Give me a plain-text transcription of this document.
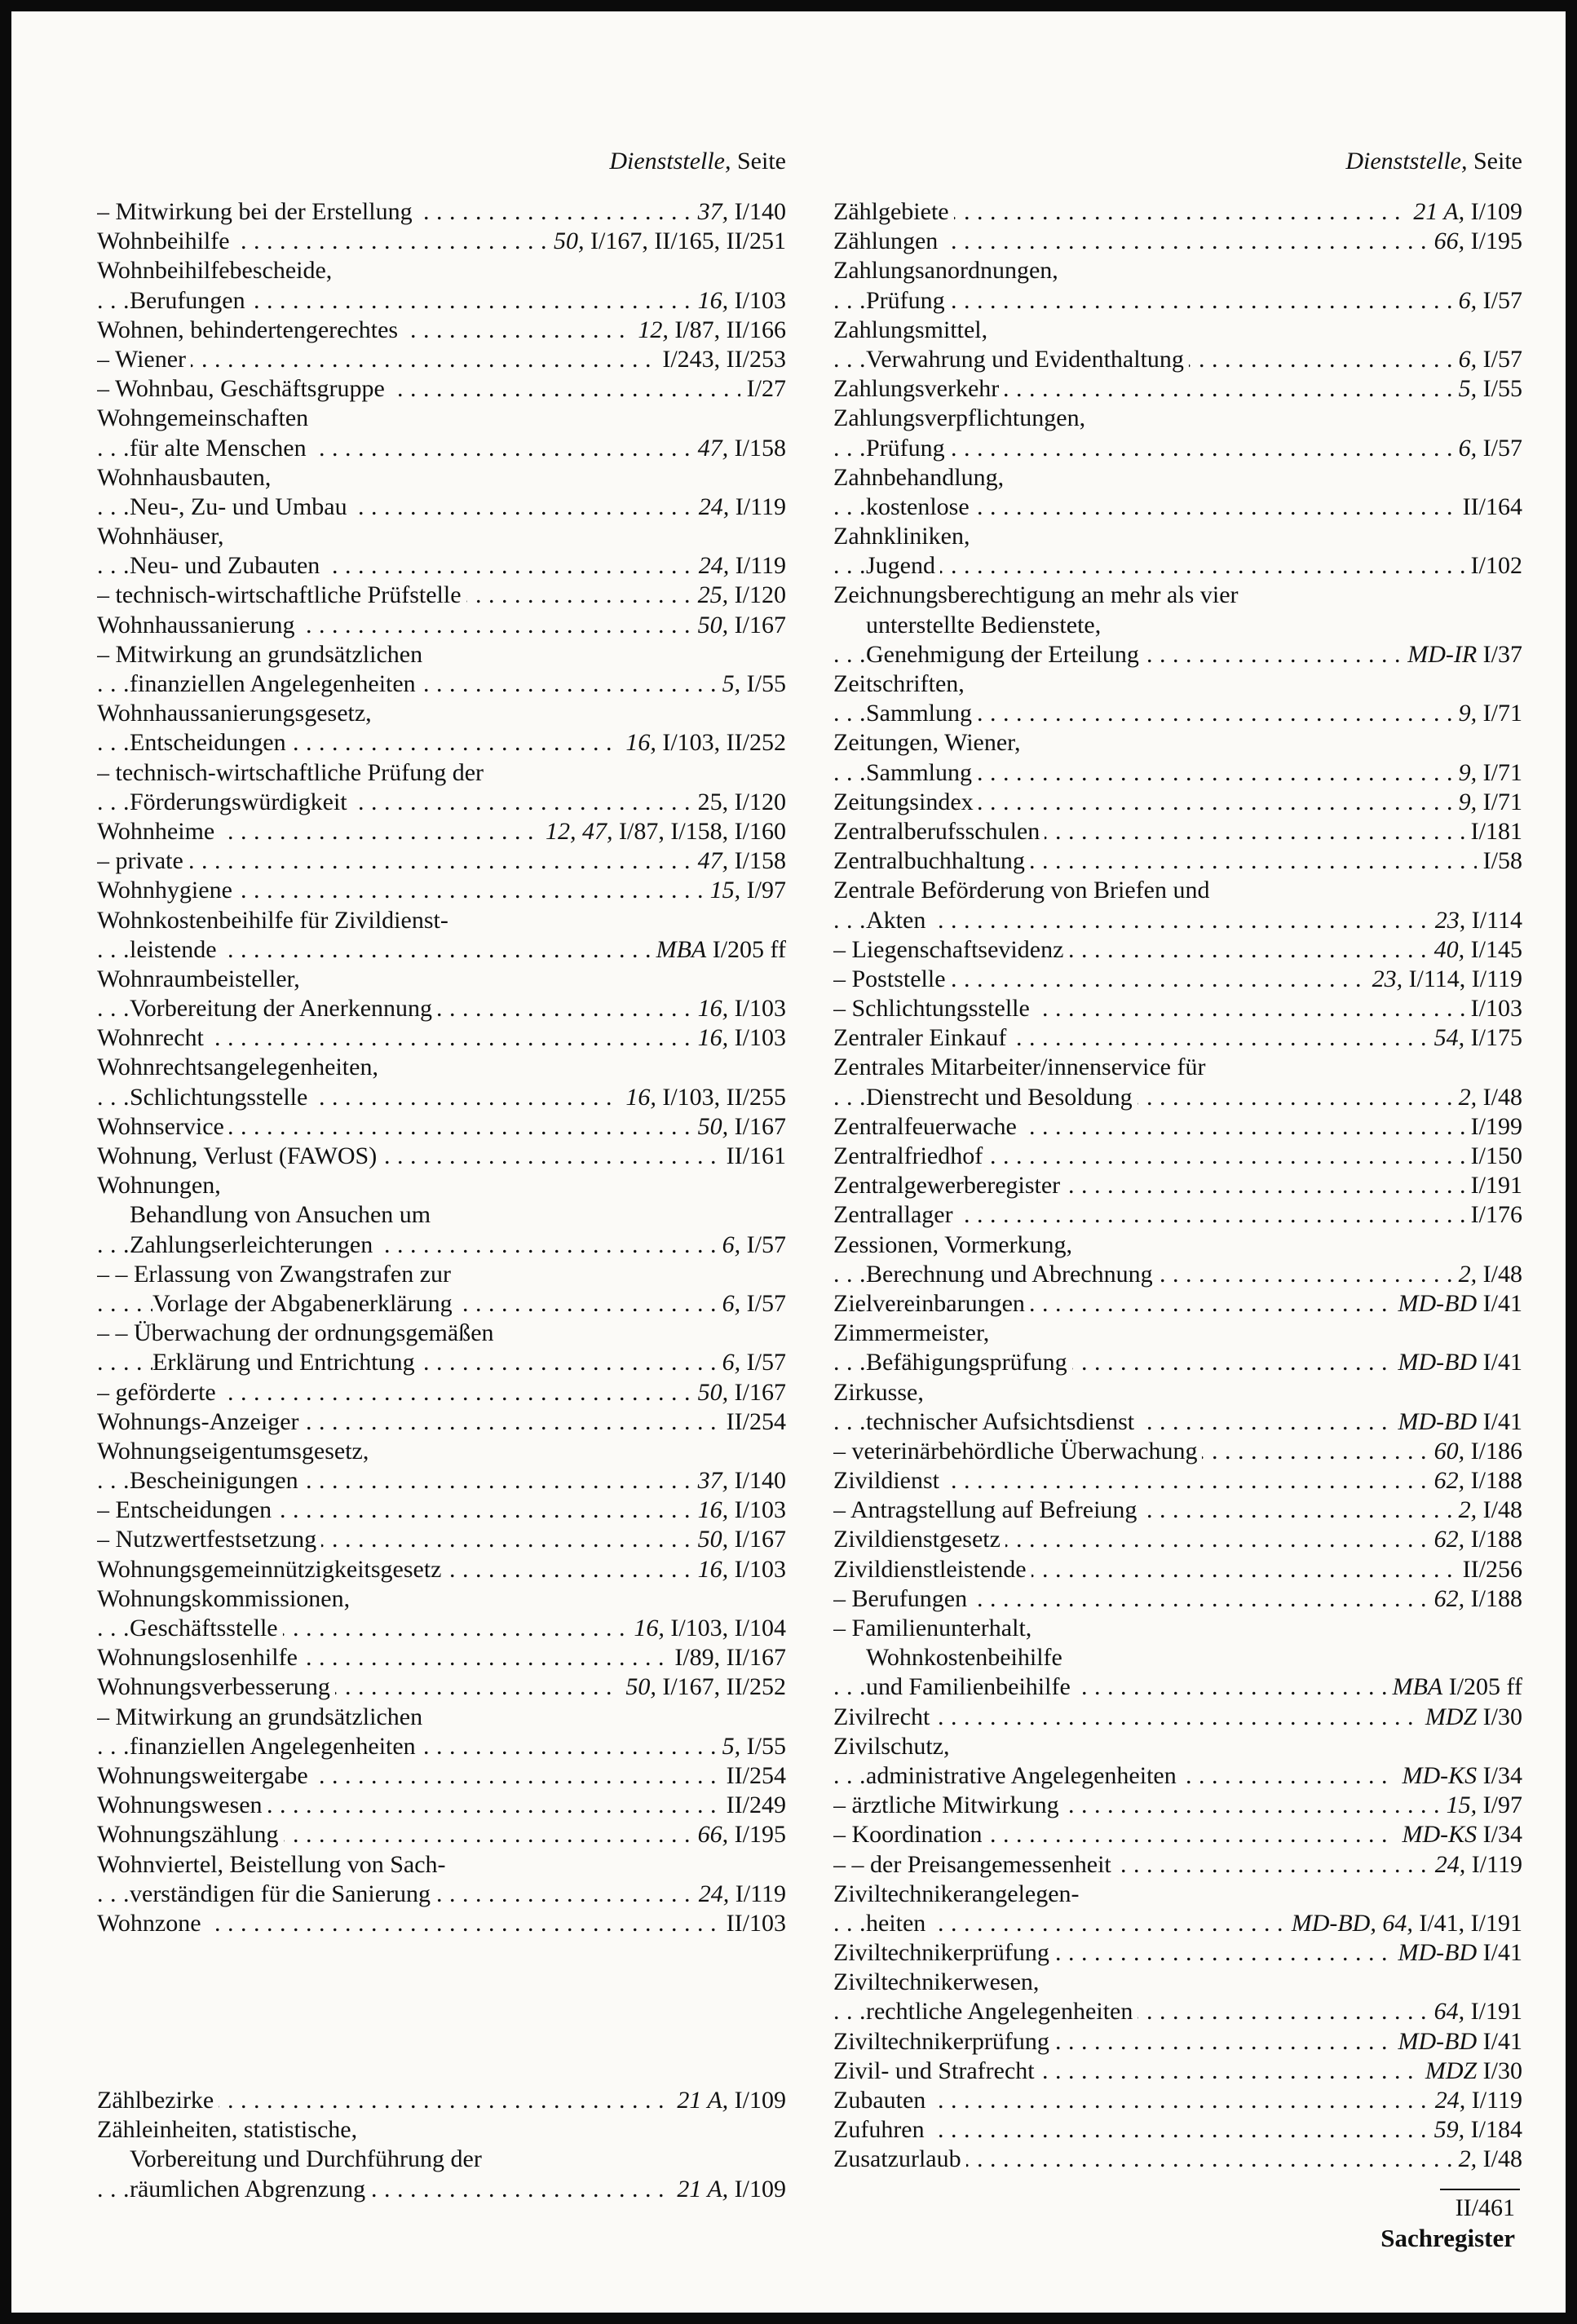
Dienststelle, Seite
– Mitwirkung bei der Erstellung	37, I/140
. . .
Wohnbeihilfe	50, I/167, II/165, II/251
. . .
Wohnbeihilfebescheide,
Berufungen	16, I/103
. . .
Wohnen, behindertengerechtes	12, I/87, II/166
. . .
– Wiener	I/243, II/253
. . .
– Wohnbau, Geschäftsgruppe	I/27
. . .
Wohngemeinschaften
für alte Menschen	47, I/158
. . .
Wohnhausbauten,
Neu-, Zu- und Umbau	24, I/119
. . .
Wohnhäuser,
Neu- und Zubauten	24, I/119
. . .
– technisch-wirtschaftliche Prüfstelle	25, I/120
. . .
Wohnhaussanierung	50, I/167
. . .
– Mitwirkung an grundsätzlichen
finanziellen Angelegenheiten	5, I/55
. . .
Wohnhaussanierungsgesetz,
Entscheidungen	16, I/103, II/252
. . .
– technisch-wirtschaftliche Prüfung der
Förderungswürdigkeit	25, I/120
. . .
Wohnheime	12, 47, I/87, I/158, I/160
. . .
– private	47, I/158
. . .
Wohnhygiene	15, I/97
. . .
Wohnkostenbeihilfe für Zivildienst-
leistende	MBA I/205 ff
. . .
Wohnraumbeisteller,
Vorbereitung der Anerkennung	16, I/103
. . .
Wohnrecht	16, I/103
. . .
Wohnrechtsangelegenheiten,
Schlichtungsstelle	16, I/103, II/255
. . .
Wohnservice	50, I/167
. . .
Wohnung, Verlust (FAWOS)	II/161
. . .
Wohnungen,
Behandlung von Ansuchen um
Zahlungserleichterungen	6, I/57
. . .
– – Erlassung von Zwangstrafen zur
Vorlage der Abgabenerklärung	6, I/57
. . .
– – Überwachung der ordnungsgemäßen
Erklärung und Entrichtung	6, I/57
. . .
– geförderte	50, I/167
. . .
Wohnungs-Anzeiger	II/254
. . .
Wohnungseigentumsgesetz,
Bescheinigungen	37, I/140
. . .
– Entscheidungen	16, I/103
. . .
– Nutzwertfestsetzung	50, I/167
. . .
Wohnungsgemeinnützigkeitsgesetz	16, I/103
. . .
Wohnungskommissionen,
Geschäftsstelle	16, I/103, I/104
. . .
Wohnungslosenhilfe	I/89, II/167
. . .
Wohnungsverbesserung	50, I/167, II/252
. . .
– Mitwirkung an grundsätzlichen
finanziellen Angelegenheiten	5, I/55
. . .
Wohnungsweitergabe	II/254
. . .
Wohnungswesen	II/249
. . .
Wohnungszählung	66, I/195
. . .
Wohnviertel, Beistellung von Sach-
verständigen für die Sanierung	24, I/119
. . .
Wohnzone	II/103
. . .
Zählbezirke	21 A, I/109
. . .
Zähleinheiten, statistische,
Vorbereitung und Durchführung der
räumlichen Abgrenzung	21 A, I/109
. . .
Dienststelle, Seite
Zählgebiete	21 A, I/109
. . .
Zählungen	66, I/195
. . .
Zahlungsanordnungen,
Prüfung	6, I/57
. . .
Zahlungsmittel,
Verwahrung und Evidenthaltung	6, I/57
. . .
Zahlungsverkehr	5, I/55
. . .
Zahlungsverpflichtungen,
Prüfung	6, I/57
. . .
Zahnbehandlung,
kostenlose	II/164
. . .
Zahnkliniken,
Jugend	I/102
. . .
Zeichnungsberechtigung an mehr als vier
unterstellte Bedienstete,
Genehmigung der Erteilung	MD-IR I/37
. . .
Zeitschriften,
Sammlung	9, I/71
. . .
Zeitungen, Wiener,
Sammlung	9, I/71
. . .
Zeitungsindex	9, I/71
. . .
Zentralberufsschulen	I/181
. . .
Zentralbuchhaltung	I/58
. . .
Zentrale Beförderung von Briefen und
Akten	23, I/114
. . .
– Liegenschaftsevidenz	40, I/145
. . .
– Poststelle	23, I/114, I/119
. . .
– Schlichtungsstelle	I/103
. . .
Zentraler Einkauf	54, I/175
. . .
Zentrales Mitarbeiter/innenservice für
Dienstrecht und Besoldung	2, I/48
. . .
Zentralfeuerwache	I/199
. . .
Zentralfriedhof	I/150
. . .
Zentralgewerberegister	I/191
. . .
Zentrallager	I/176
. . .
Zessionen, Vormerkung,
Berechnung und Abrechnung	2, I/48
. . .
Zielvereinbarungen	MD-BD I/41
. . .
Zimmermeister,
Befähigungsprüfung	MD-BD I/41
. . .
Zirkusse,
technischer Aufsichtsdienst	MD-BD I/41
. . .
– veterinärbehördliche Überwachung	60, I/186
. . .
Zivildienst	62, I/188
. . .
– Antragstellung auf Befreiung	2, I/48
. . .
Zivildienstgesetz	62, I/188
. . .
Zivildienstleistende	II/256
. . .
– Berufungen	62, I/188
. . .
– Familienunterhalt,
Wohnkostenbeihilfe
und Familienbeihilfe	MBA I/205 ff
. . .
Zivilrecht	MDZ I/30
. . .
Zivilschutz,
administrative Angelegenheiten	MD-KS I/34
. . .
– ärztliche Mitwirkung	15, I/97
. . .
– Koordination	MD-KS I/34
. . .
– – der Preisangemessenheit	24, I/119
. . .
Ziviltechnikerangelegen-
heiten	MD-BD, 64, I/41, I/191
. . .
Ziviltechnikerprüfung	MD-BD I/41
. . .
Ziviltechnikerwesen,
rechtliche Angelegenheiten	64, I/191
. . .
Ziviltechnikerprüfung	MD-BD I/41
. . .
Zivil- und Strafrecht	MDZ I/30
. . .
Zubauten	24, I/119
. . .
Zufuhren	59, I/184
. . .
Zusatzurlaub	2, I/48
. . .
II/461
Sachregister
